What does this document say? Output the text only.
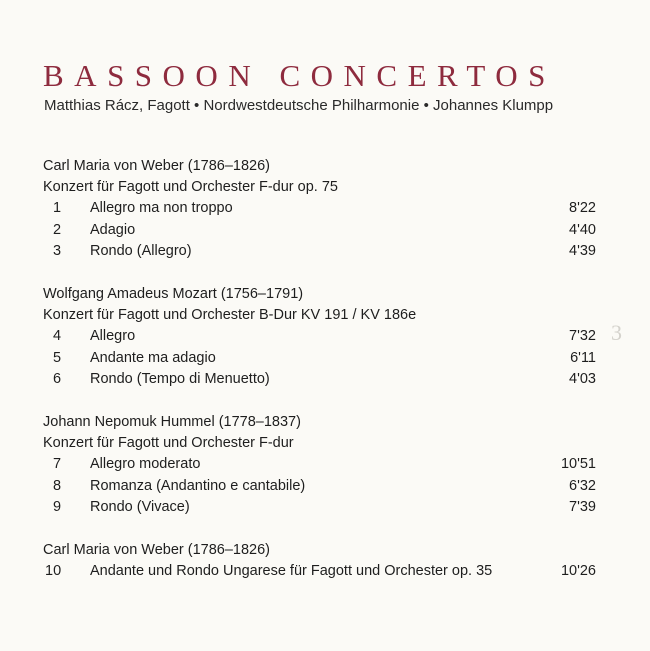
BASSOON CONCERTOS
Matthias Rácz, Fagott • Nordwestdeutsche Philharmonie • Johannes Klumpp
Carl Maria von Weber (1786–1826)
Konzert für Fagott und Orchester F-dur op. 75
1 Allegro ma non troppo	8'22
2 Adagio	4'40
3 Rondo (Allegro)	4'39
Wolfgang Amadeus Mozart (1756–1791)
Konzert für Fagott und Orchester B-Dur KV 191 / KV 186e
4 Allegro	7'32
5 Andante ma adagio	6'11
6 Rondo (Tempo di Menuetto)	4'03
Johann Nepomuk Hummel (1778–1837)
Konzert für Fagott und Orchester F-dur
7 Allegro moderato	10'51
8 Romanza (Andantino e cantabile)	6'32
9 Rondo (Vivace)	7'39
Carl Maria von Weber (1786–1826)
10 Andante und Rondo Ungarese für Fagott und Orchester op. 35	10'26
3
